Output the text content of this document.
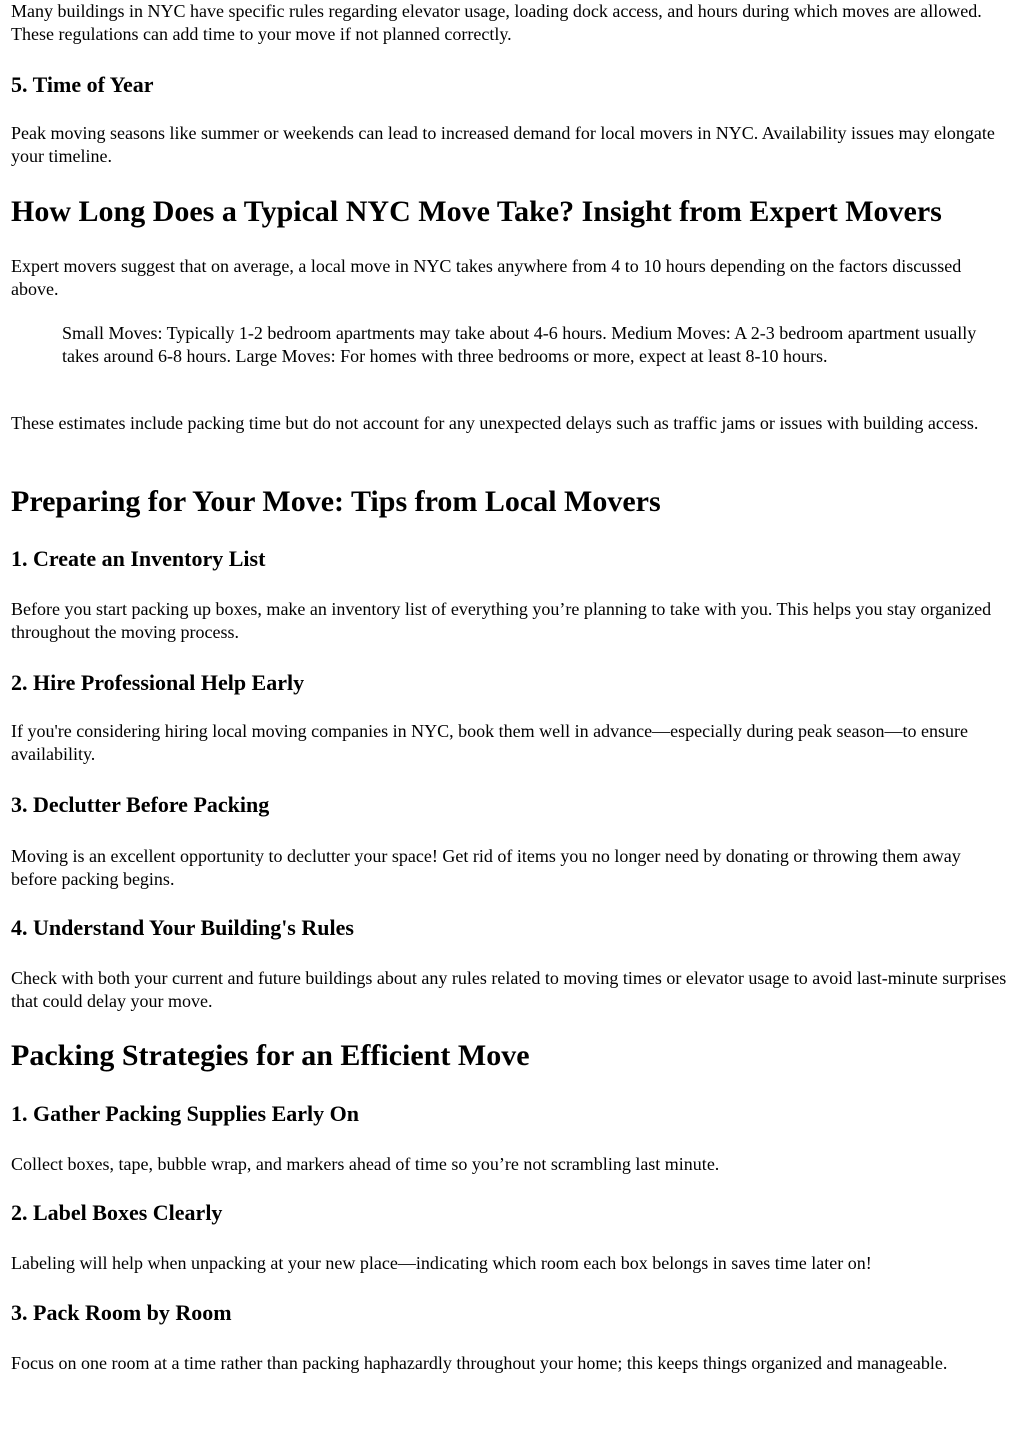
Many buildings in NYC have specific rules regarding elevator usage, loading dock access, and hours during which moves are allowed. These regulations can add time to your move if not planned correctly.

5. Time of Year

Peak moving seasons like summer or weekends can lead to increased demand for local movers in NYC. Availability issues may elongate your timeline.

How Long Does a Typical NYC Move Take? Insight from Expert Movers

Expert movers suggest that on average, a local move in NYC takes anywhere from 4 to 10 hours depending on the factors discussed above.

Small Moves: Typically 1-2 bedroom apartments may take about 4-6 hours. Medium Moves: A 2-3 bedroom apartment usually takes around 6-8 hours. Large Moves: For homes with three bedrooms or more, expect at least 8-10 hours.

These estimates include packing time but do not account for any unexpected delays such as traffic jams or issues with building access.

Preparing for Your Move: Tips from Local Movers
1. Create an Inventory List

Before you start packing up boxes, make an inventory list of everything you’re planning to take with you. This helps you stay organized throughout the moving process.

2. Hire Professional Help Early

If you're considering hiring local moving companies in NYC, book them well in advance—especially during peak season—to ensure availability.

3. Declutter Before Packing

Moving is an excellent opportunity to declutter your space! Get rid of items you no longer need by donating or throwing them away before packing begins.

4. Understand Your Building's Rules

Check with both your current and future buildings about any rules related to moving times or elevator usage to avoid last-minute surprises that could delay your move.

Packing Strategies for an Efficient Move
1. Gather Packing Supplies Early On

Collect boxes, tape, bubble wrap, and markers ahead of time so you’re not scrambling last minute.

2. Label Boxes Clearly

Labeling will help when unpacking at your new place—indicating which room each box belongs in saves time later on!

3. Pack Room by Room

Focus on one room at a time rather than packing haphazardly throughout your home; this keeps things organized and manageable.
